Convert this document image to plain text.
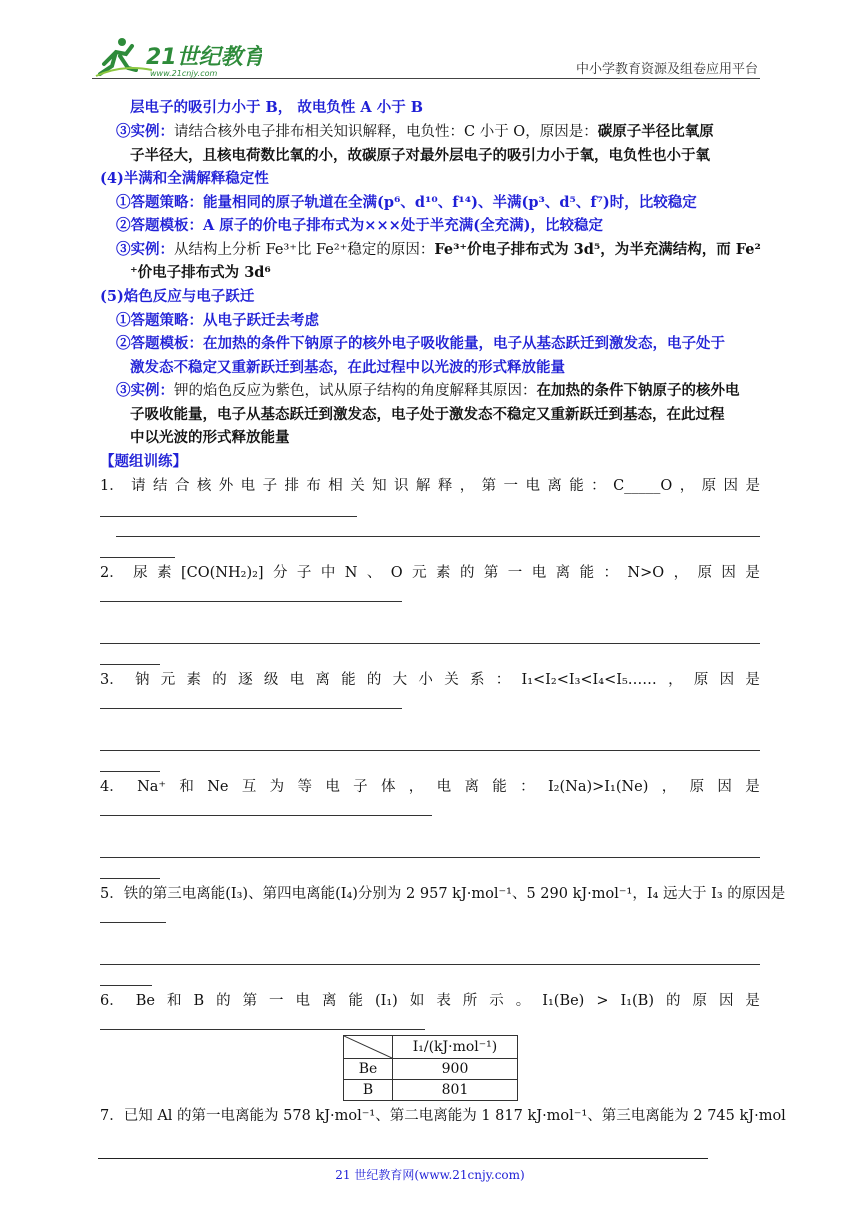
21世纪教育
www.21cnjy.com	中小学教育资源及组卷应用平台
层电子的吸引力小于 B， 故电负性 A 小于 B
③实例：请结合核外电子排布相关知识解释，电负性：C 小于 O，原因是：碳原子半径比氧原
子半径大，且核电荷数比氧的小，故碳原子对最外层电子的吸引力小于氧，电负性也小于氧
(4)半满和全满解释稳定性
①答题策略：能量相同的原子轨道在全满(p⁶、d¹⁰、f¹⁴)、半满(p³、d⁵、f⁷)时，比较稳定
②答题模板：A 原子的价电子排布式为×××处于半充满(全充满)，比较稳定
③实例：从结构上分析 Fe³⁺比 Fe²⁺稳定的原因：Fe³⁺价电子排布式为 3d⁵，为半充满结构，而 Fe²
⁺价电子排布式为 3d⁶
(5)焰色反应与电子跃迁
①答题策略：从电子跃迁去考虑
②答题模板：在加热的条件下钠原子的核外电子吸收能量，电子从基态跃迁到激发态，电子处于
激发态不稳定又重新跃迁到基态，在此过程中以光波的形式释放能量
③实例：钾的焰色反应为紫色，试从原子结构的角度解释其原因：在加热的条件下钠原子的核外电
子吸收能量，电子从基态跃迁到激发态，电子处于激发态不稳定又重新跃迁到基态，在此过程
中以光波的形式释放能量
【题组训练】
1． 请 结 合 核 外 电 子 排 布 相 关 知 识 解 释 ， 第 一 电 离 能 ： C_____O ， 原 因 是
2． 尿 素 [CO(NH₂)₂] 分 子 中 N 、 O 元 素 的 第 一 电 离 能 ： N>O ， 原 因 是
3． 钠 元 素 的 逐 级 电 离 能 的 大 小 关 系 ： I₁<I₂<I₃<I₄<I₅…… ， 原 因 是
4． Na⁺ 和 Ne 互 为 等 电 子 体 ， 电 离 能 ： I₂(Na)>I₁(Ne) ， 原 因 是
5．铁的第三电离能(I₃)、第四电离能(I₄)分别为 2 957 kJ·mol⁻¹、5 290 kJ·mol⁻¹，I₄ 远大于 I₃ 的原因是
6． Be 和 B 的 第 一 电 离 能 (I₁) 如 表 所 示 。 I₁(Be) > I₁(B) 的 原 因 是
	I₁/(kJ·mol⁻¹)
Be	900
B	801
7．已知 Al 的第一电离能为 578 kJ·mol⁻¹、第二电离能为 1 817 kJ·mol⁻¹、第三电离能为 2 745 kJ·mol
21 世纪教育网(www.21cnjy.com)
